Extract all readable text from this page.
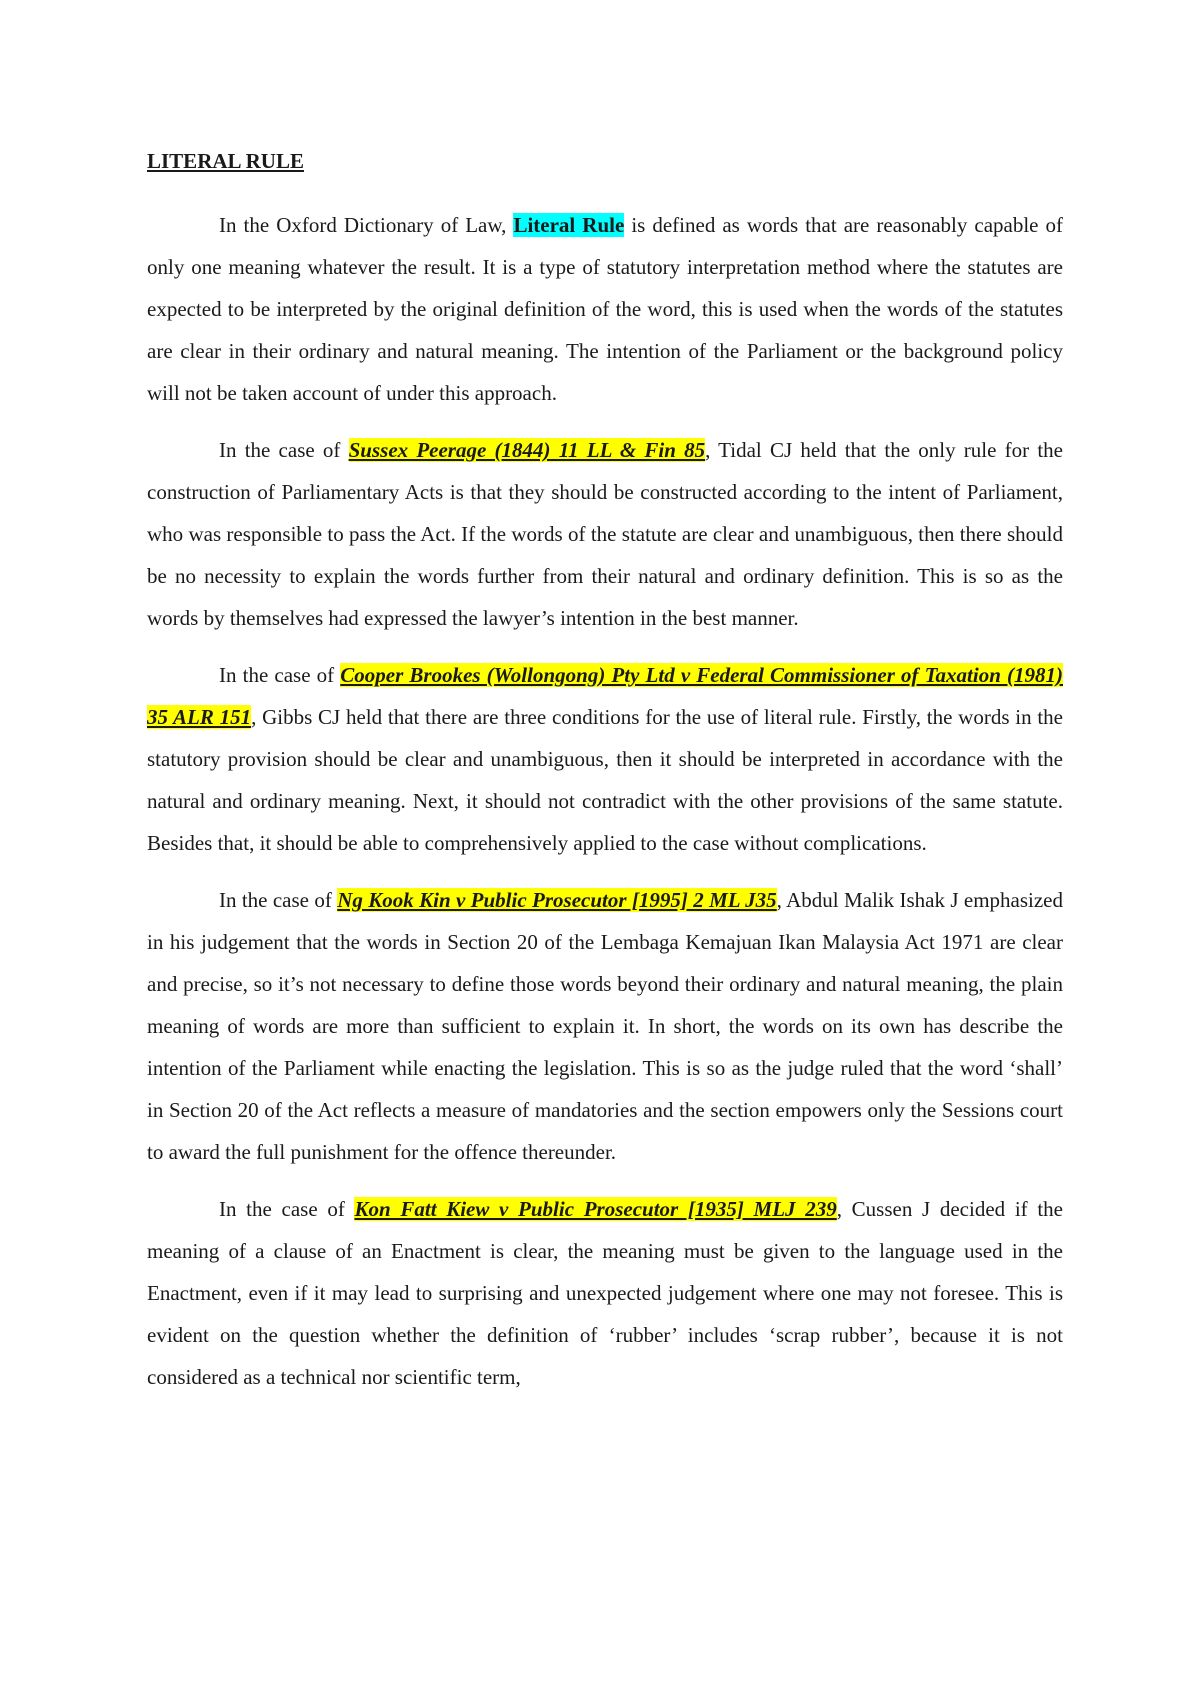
LITERAL RULE

In the Oxford Dictionary of Law, Literal Rule is defined as words that are reasonably capable of only one meaning whatever the result. It is a type of statutory interpretation method where the statutes are expected to be interpreted by the original definition of the word, this is used when the words of the statutes are clear in their ordinary and natural meaning. The intention of the Parliament or the background policy will not be taken account of under this approach.

In the case of Sussex Peerage (1844) 11 LL & Fin 85, Tidal CJ held that the only rule for the construction of Parliamentary Acts is that they should be constructed according to the intent of Parliament, who was responsible to pass the Act. If the words of the statute are clear and unambiguous, then there should be no necessity to explain the words further from their natural and ordinary definition. This is so as the words by themselves had expressed the lawyer’s intention in the best manner.

In the case of Cooper Brookes (Wollongong) Pty Ltd v Federal Commissioner of Taxation (1981) 35 ALR 151, Gibbs CJ held that there are three conditions for the use of literal rule. Firstly, the words in the statutory provision should be clear and unambiguous, then it should be interpreted in accordance with the natural and ordinary meaning. Next, it should not contradict with the other provisions of the same statute. Besides that, it should be able to comprehensively applied to the case without complications.

In the case of Ng Kook Kin v Public Prosecutor [1995] 2 ML J35, Abdul Malik Ishak J emphasized in his judgement that the words in Section 20 of the Lembaga Kemajuan Ikan Malaysia Act 1971 are clear and precise, so it’s not necessary to define those words beyond their ordinary and natural meaning, the plain meaning of words are more than sufficient to explain it. In short, the words on its own has describe the intention of the Parliament while enacting the legislation. This is so as the judge ruled that the word ‘shall’ in Section 20 of the Act reflects a measure of mandatories and the section empowers only the Sessions court to award the full punishment for the offence thereunder.

In the case of Kon Fatt Kiew v Public Prosecutor [1935] MLJ 239, Cussen J decided if the meaning of a clause of an Enactment is clear, the meaning must be given to the language used in the Enactment, even if it may lead to surprising and unexpected judgement where one may not foresee. This is evident on the question whether the definition of ‘rubber’ includes ‘scrap rubber’, because it is not considered as a technical nor scientific term,
